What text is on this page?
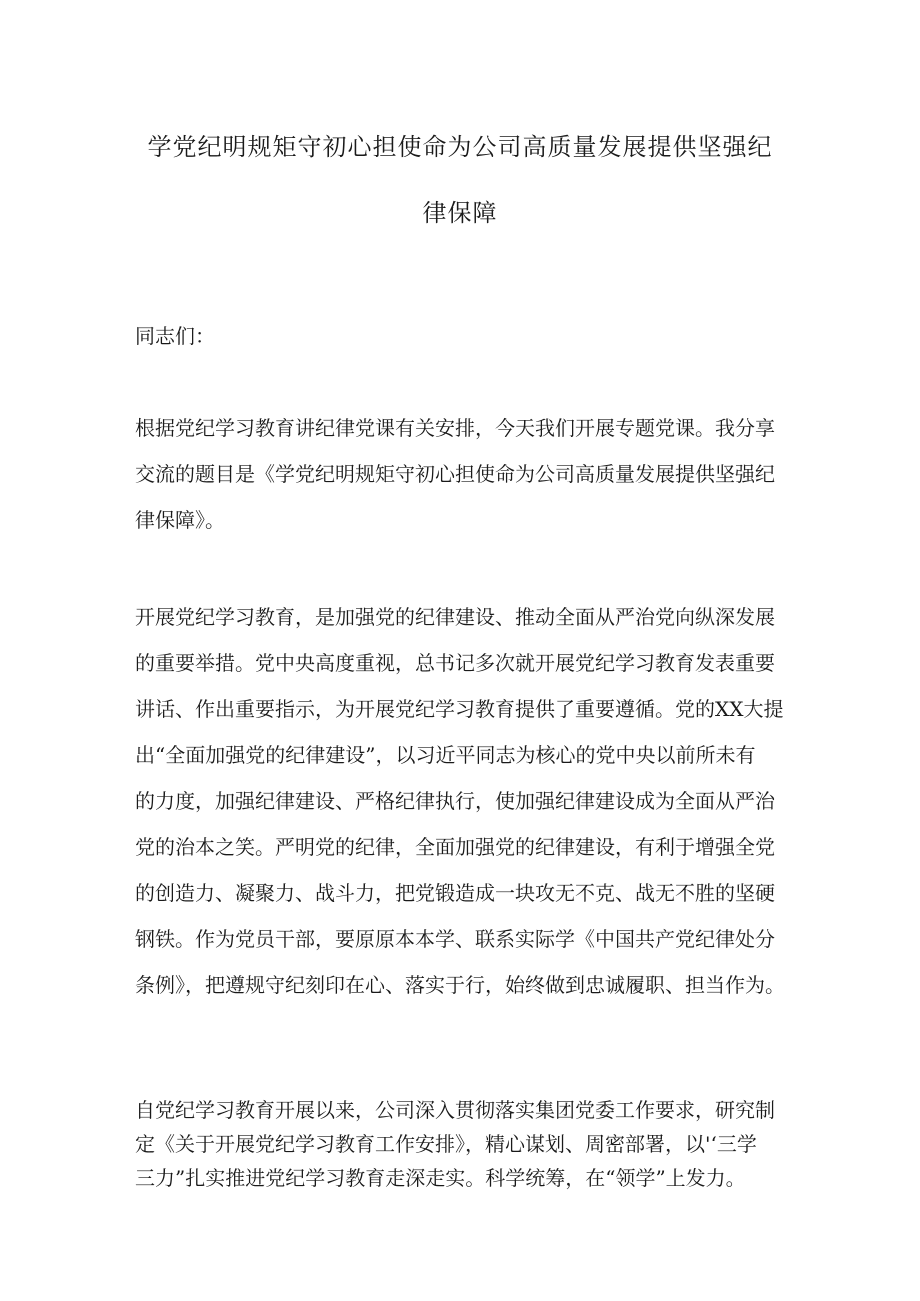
学党纪明规矩守初心担使命为公司高质量发展提供坚强纪
律保障
同志们：
根据党纪学习教育讲纪律党课有关安排，今天我们开展专题党课。我分享
交流的题目是《学党纪明规矩守初心担使命为公司高质量发展提供坚强纪
律保障》。
开展党纪学习教育，是加强党的纪律建设、推动全面从严治党向纵深发展
的重要举措。党中央高度重视，总书记多次就开展党纪学习教育发表重要
讲话、作出重要指示，为开展党纪学习教育提供了重要遵循。党的XX大提
出“全面加强党的纪律建设”，以习近平同志为核心的党中央以前所未有
的力度，加强纪律建设、严格纪律执行，使加强纪律建设成为全面从严治
党的治本之笑。严明党的纪律，全面加强党的纪律建设，有利于增强全党
的创造力、凝聚力、战斗力，把党锻造成一块攻无不克、战无不胜的坚硬
钢铁。作为党员干部，要原原本本学、联系实际学《中国共产党纪律处分
条例》，把遵规守纪刻印在心、落实于行，始终做到忠诚履职、担当作为。
自党纪学习教育开展以来，公司深入贯彻落实集团党委工作要求，研究制
定《关于开展党纪学习教育工作安排》，精心谋划、周密部署，以'‘三学
三力”扎实推进党纪学习教育走深走实。科学统筹，在“领学”上发力。
